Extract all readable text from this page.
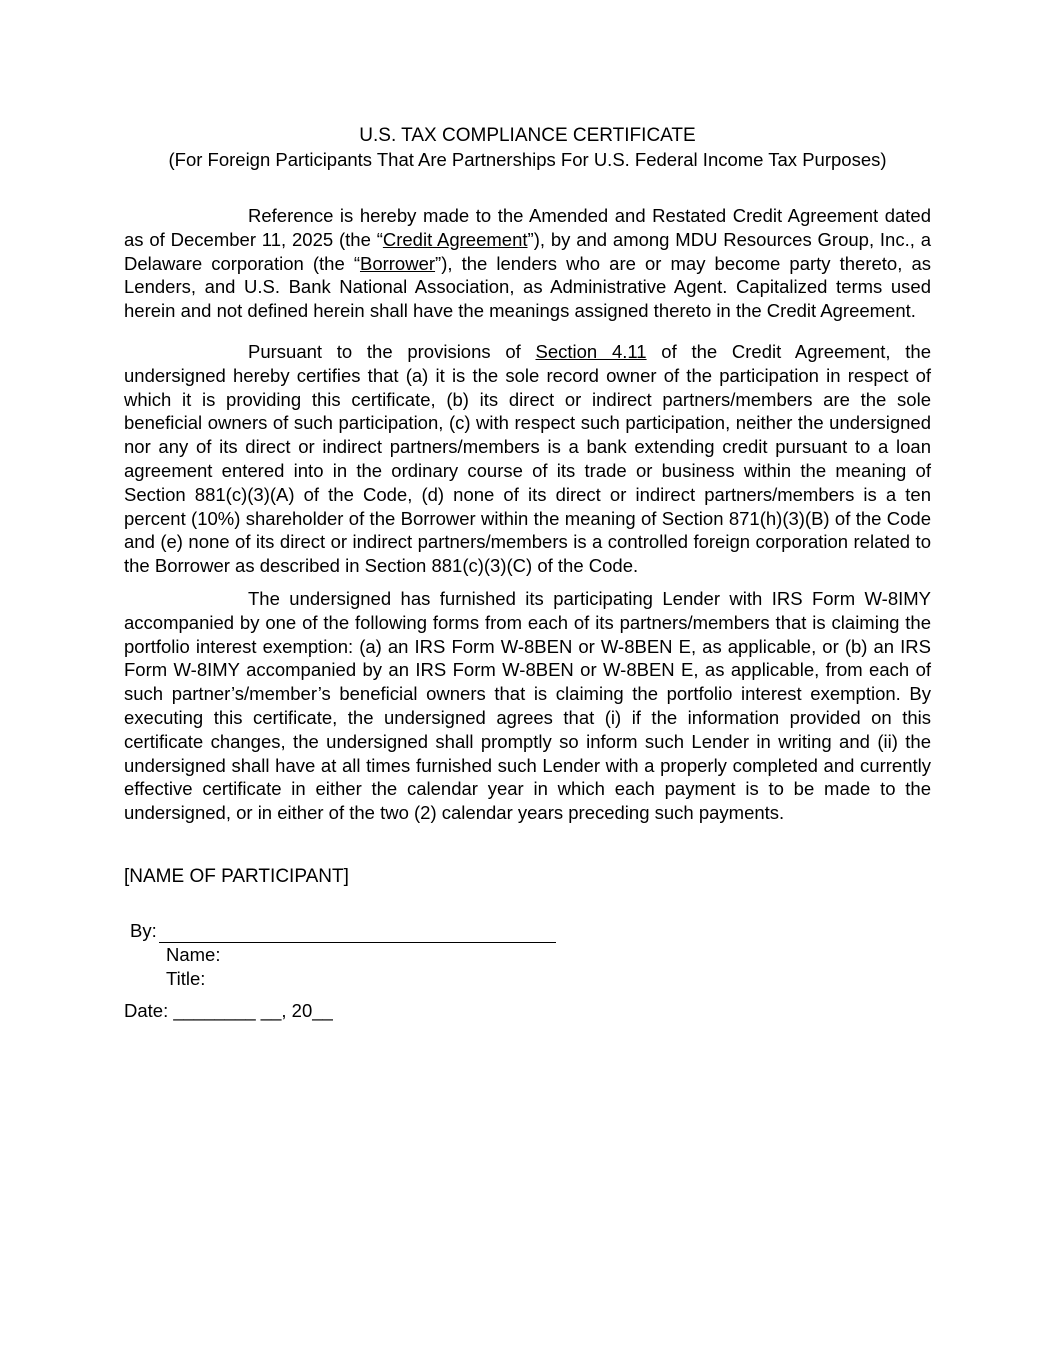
U.S. TAX COMPLIANCE CERTIFICATE

(For Foreign Participants That Are Partnerships For U.S. Federal Income Tax Purposes)

Reference is hereby made to the Amended and Restated Credit Agreement dated as of December 11, 2025 (the “Credit Agreement”), by and among MDU Resources Group, Inc., a Delaware corporation (the “Borrower”), the lenders who are or may become party thereto, as Lenders, and U.S. Bank National Association, as Administrative Agent. Capitalized terms used herein and not defined herein shall have the meanings assigned thereto in the Credit Agreement.

Pursuant to the provisions of Section 4.11 of the Credit Agreement, the undersigned hereby certifies that (a) it is the sole record owner of the participation in respect of which it is providing this certificate, (b) its direct or indirect partners/members are the sole beneficial owners of such participation, (c) with respect such participation, neither the undersigned nor any of its direct or indirect partners/members is a bank extending credit pursuant to a loan agreement entered into in the ordinary course of its trade or business within the meaning of Section 881(c)(3)(A) of the Code, (d) none of its direct or indirect partners/members is a ten percent (10%) shareholder of the Borrower within the meaning of Section 871(h)(3)(B) of the Code and (e) none of its direct or indirect partners/members is a controlled foreign corporation related to the Borrower as described in Section 881(c)(3)(C) of the Code.

The undersigned has furnished its participating Lender with IRS Form W-8IMY accompanied by one of the following forms from each of its partners/members that is claiming the portfolio interest exemption: (a) an IRS Form W-8BEN or W-8BEN E, as applicable, or (b) an IRS Form W-8IMY accompanied by an IRS Form W-8BEN or W-8BEN E, as applicable, from each of such partner’s/member’s beneficial owners that is claiming the portfolio interest exemption. By executing this certificate, the undersigned agrees that (i) if the information provided on this certificate changes, the undersigned shall promptly so inform such Lender in writing and (ii) the undersigned shall have at all times furnished such Lender with a properly completed and currently effective certificate in either the calendar year in which each payment is to be made to the undersigned, or in either of the two (2) calendar years preceding such payments.

[NAME OF PARTICIPANT]
By:
Name:
Title:
Date: ________ __, 20__
